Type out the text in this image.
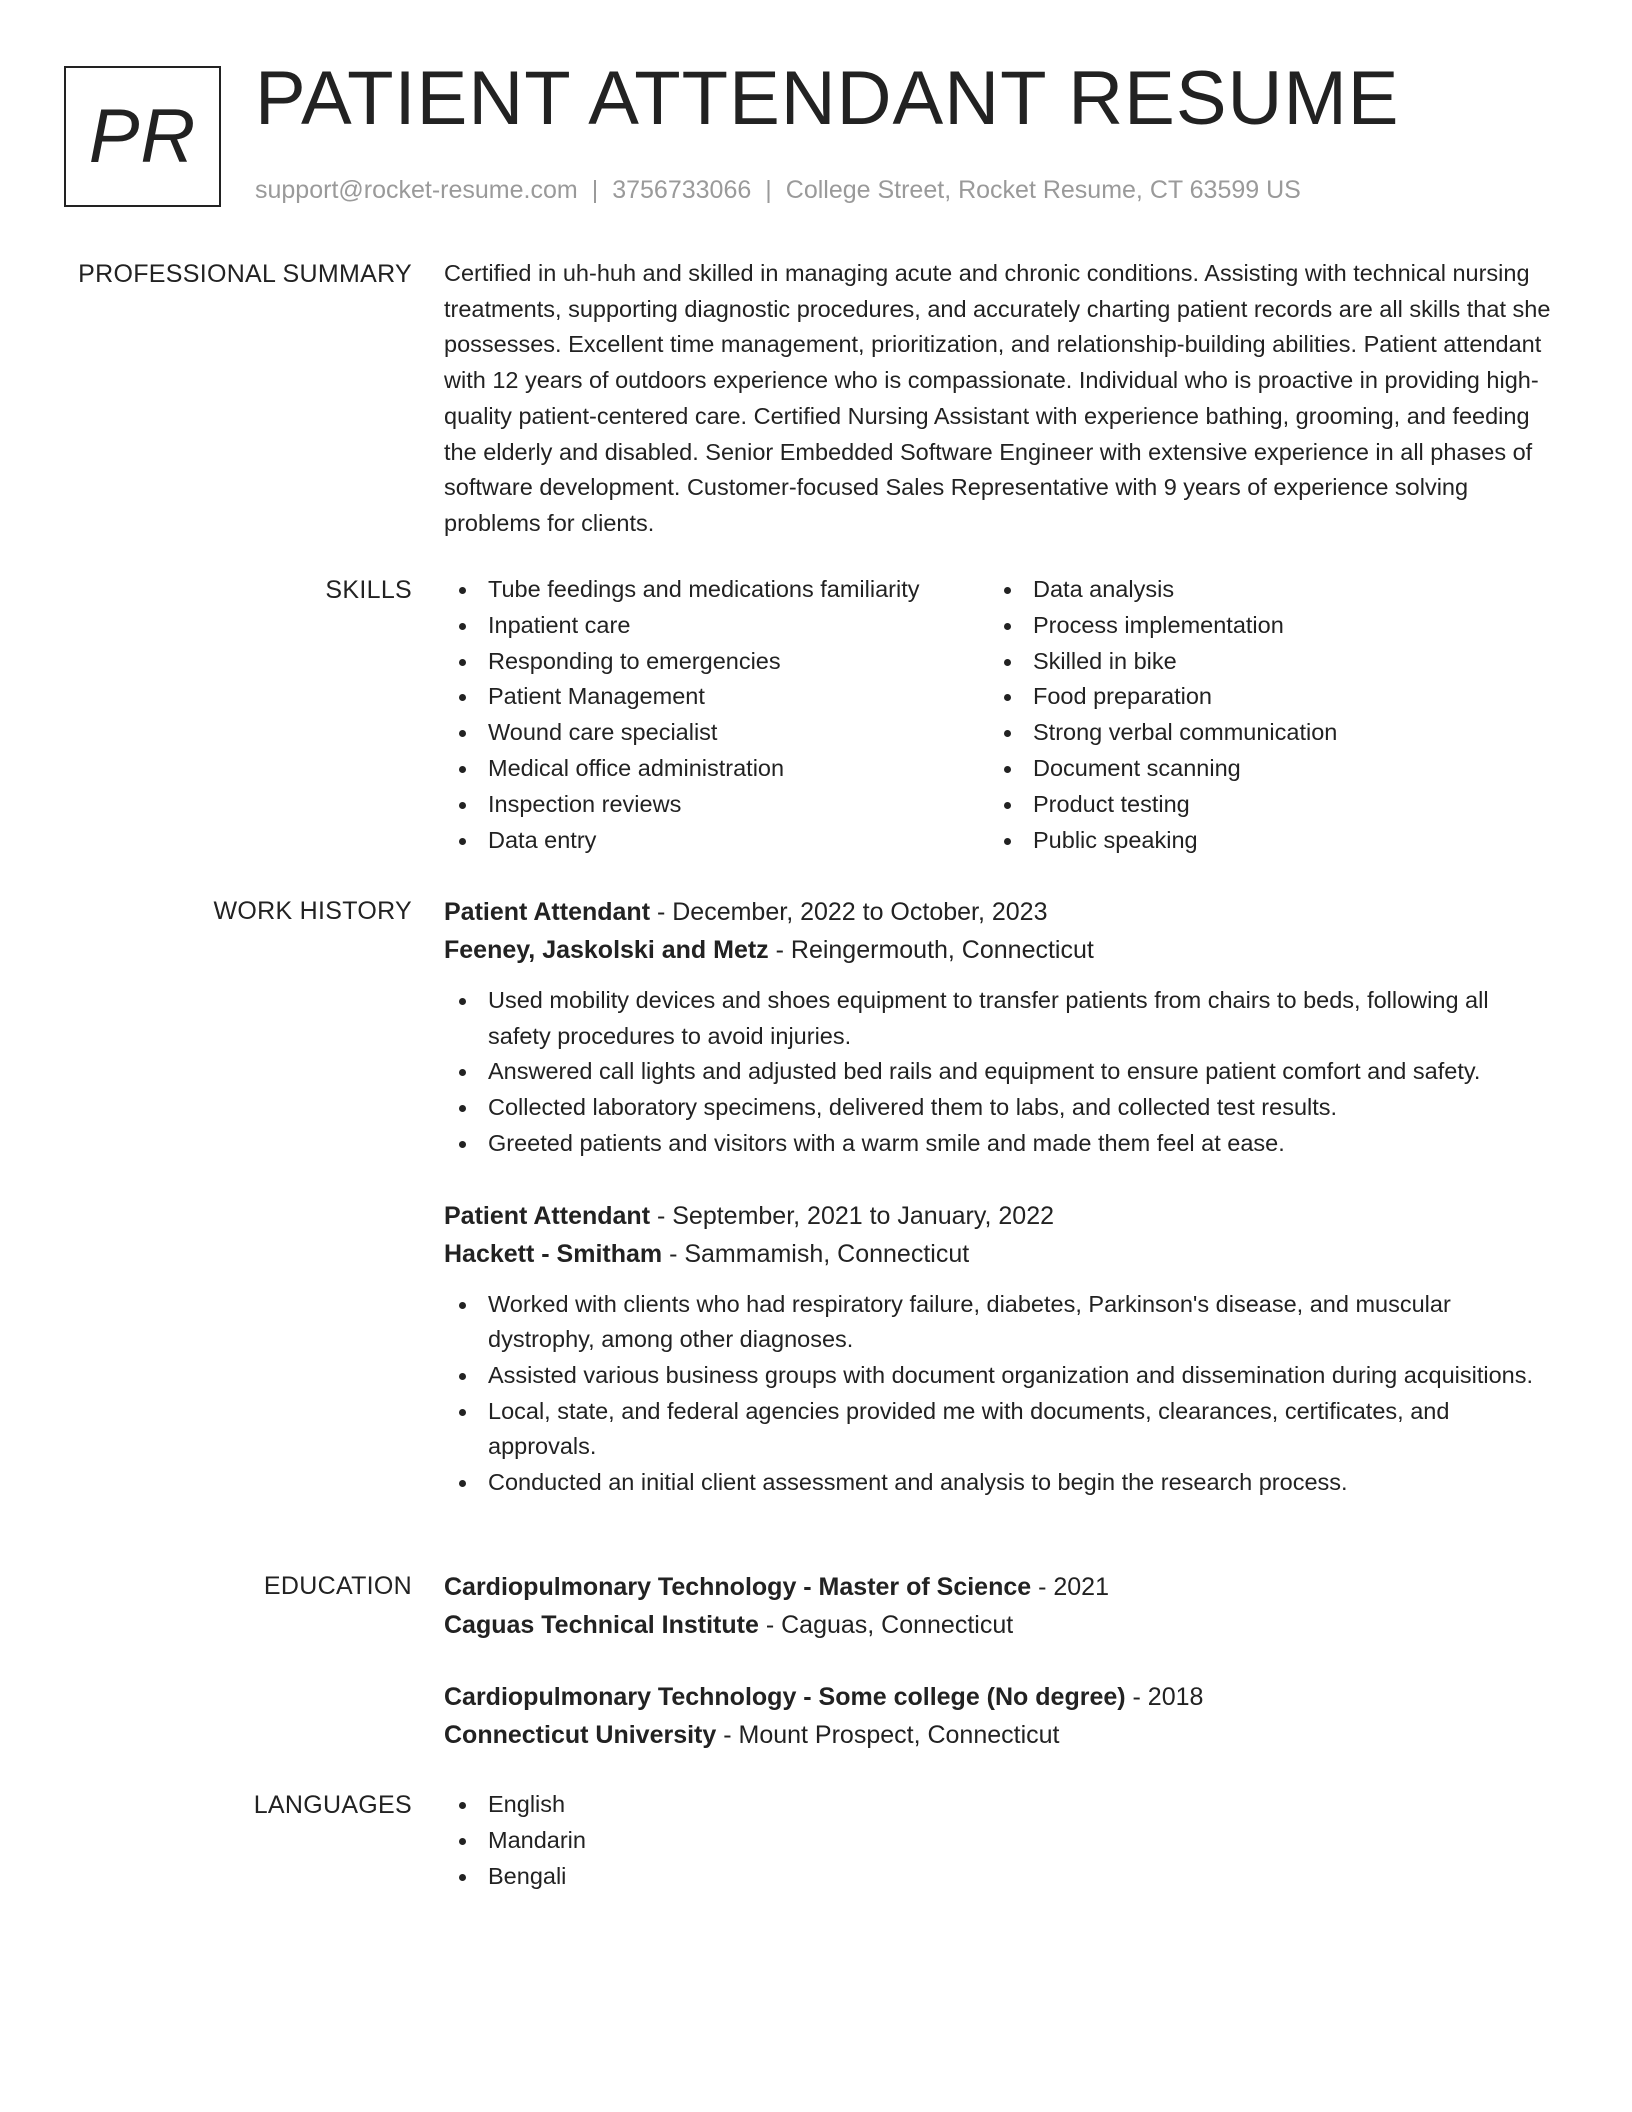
PR PATIENT ATTENDANT RESUME
support@rocket-resume.com | 3756733066 | College Street, Rocket Resume, CT 63599 US
PROFESSIONAL SUMMARY Certified in uh-huh and skilled in managing acute and chronic conditions. Assisting with technical nursing treatments, supporting diagnostic procedures, and accurately charting patient records are all skills that she possesses. Excellent time management, prioritization, and relationship-building abilities. Patient attendant with 12 years of outdoors experience who is compassionate. Individual who is proactive in providing high-quality patient-centered care. Certified Nursing Assistant with experience bathing, grooming, and feeding the elderly and disabled. Senior Embedded Software Engineer with extensive experience in all phases of software development. Customer-focused Sales Representative with 9 years of experience solving problems for clients.

SKILLS	Tube feedings and medications familiarity
Inpatient care
Responding to emergencies
Patient Management
Wound care specialist
Medical office administration
Inspection reviews
Data entry
Data analysis
Process implementation
Skilled in bike
Food preparation
Strong verbal communication
Document scanning
Product testing
Public speaking
WORK HISTORY Patient Attendant - December, 2022 to October, 2023
Feeney, Jaskolski and Metz - Reingermouth, Connecticut
Used mobility devices and shoes equipment to transfer patients from chairs to beds, following all safety procedures to avoid injuries.
Answered call lights and adjusted bed rails and equipment to ensure patient comfort and safety.
Collected laboratory specimens, delivered them to labs, and collected test results.
Greeted patients and visitors with a warm smile and made them feel at ease.
Patient Attendant - September, 2021 to January, 2022
Hackett - Smitham - Sammamish, Connecticut
Worked with clients who had respiratory failure, diabetes, Parkinson's disease, and muscular dystrophy, among other diagnoses.
Assisted various business groups with document organization and dissemination during acquisitions.
Local, state, and federal agencies provided me with documents, clearances, certificates, and approvals.
Conducted an initial client assessment and analysis to begin the research process.
EDUCATION Cardiopulmonary Technology - Master of Science - 2021
Caguas Technical Institute - Caguas, Connecticut
Cardiopulmonary Technology - Some college (No degree) - 2018
Connecticut University - Mount Prospect, Connecticut
LANGUAGES	English
Mandarin
Bengali
